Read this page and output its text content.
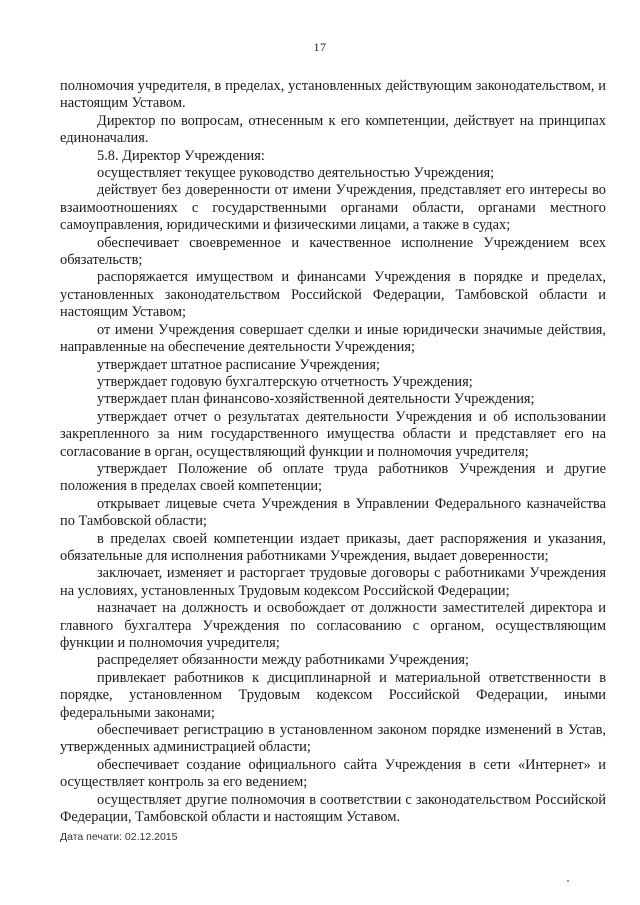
17

полномочия учредителя, в пределах, установленных действующим законодательством, и настоящим Уставом.

Директор по вопросам, отнесенным к его компетенции, действует на принципах единоначалия.

5.8. Директор Учреждения:

осуществляет текущее руководство деятельностью Учреждения;

действует без доверенности от имени Учреждения, представляет его интересы во взаимоотношениях с государственными органами области, органами местного самоуправления, юридическими и физическими лицами, а также в судах;

обеспечивает своевременное и качественное исполнение Учреждением всех обязательств;

распоряжается имуществом и финансами Учреждения в порядке и пределах, установленных законодательством Российской Федерации, Тамбовской области и настоящим Уставом;

от имени Учреждения совершает сделки и иные юридически значимые действия, направленные на обеспечение деятельности Учреждения;

утверждает штатное расписание Учреждения;

утверждает годовую бухгалтерскую отчетность Учреждения;

утверждает план финансово-хозяйственной деятельности Учреждения;

утверждает отчет о результатах деятельности Учреждения и об использовании закрепленного за ним государственного имущества области и представляет его на согласование в орган, осуществляющий функции и полномочия учредителя;

утверждает Положение об оплате труда работников Учреждения и другие положения в пределах своей компетенции;

открывает лицевые счета Учреждения в Управлении Федерального казначейства по Тамбовской области;

в пределах своей компетенции издает приказы, дает распоряжения и указания, обязательные для исполнения работниками Учреждения, выдает доверенности;

заключает, изменяет и расторгает трудовые договоры с работниками Учреждения на условиях, установленных Трудовым кодексом Российской Федерации;

назначает на должность и освобождает от должности заместителей директора и главного бухгалтера Учреждения по согласованию с органом, осуществляющим функции и полномочия учредителя;

распределяет обязанности между работниками Учреждения;

привлекает работников к дисциплинарной и материальной ответственности в порядке, установленном Трудовым кодексом Российской Федерации, иными федеральными законами;

обеспечивает регистрацию в установленном законом порядке изменений в Устав, утвержденных администрацией области;

обеспечивает создание официального сайта Учреждения в сети «Интернет» и осуществляет контроль за его ведением;

осуществляет другие полномочия в соответствии с законодательством Российской Федерации, Тамбовской области и настоящим Уставом.

Дата печати: 02.12.2015
